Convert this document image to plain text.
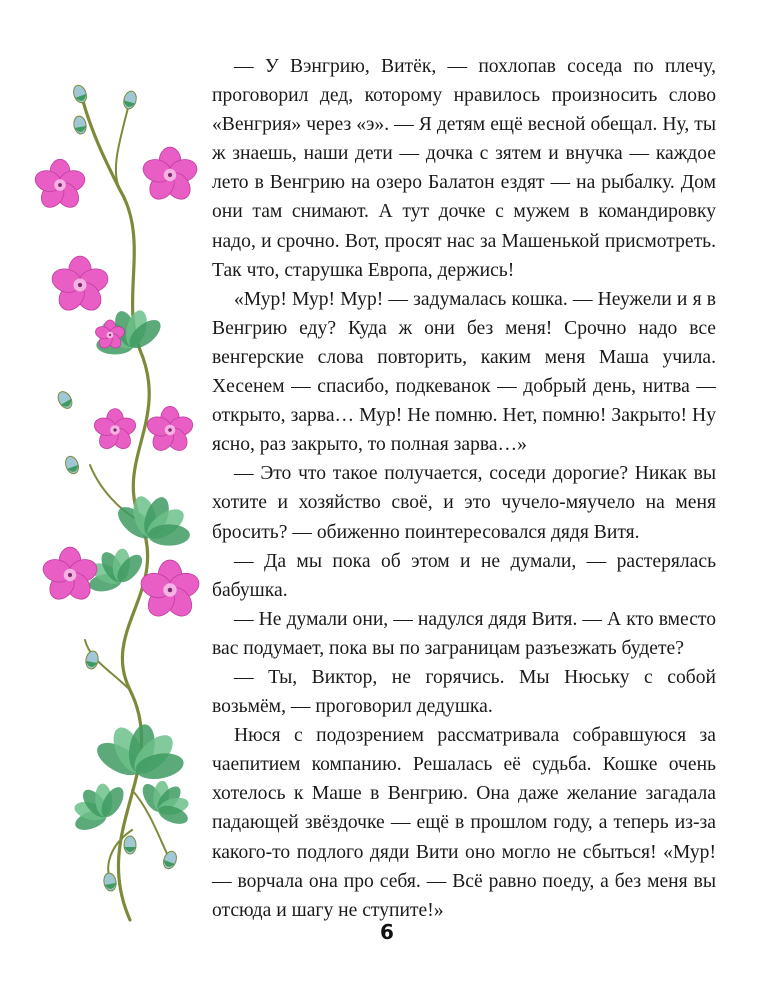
— У Вэнгрию, Витёк, — похлопав соседа по плечу, проговорил дед, которому нравилось произносить слово «Венгрия» через «э». — Я детям ещё весной обещал. Ну, ты ж знаешь, наши дети — дочка с зятем и внучка — каждое лето в Венгрию на озеро Балатон ездят — на рыбалку. Дом они там снимают. А тут дочке с мужем в командировку надо, и срочно. Вот, просят нас за Машенькой присмотреть. Так что, старушка Европа, держись!

«Мур! Мур! Мур! — задумалась кошка. — Неужели и я в Венгрию еду? Куда ж они без меня! Срочно надо все венгерские слова повторить, каким меня Маша учила. Хесенем — спасибо, подкеванок — добрый день, нитва — открыто, зарва… Мур! Не помню. Нет, помню! Закрыто! Ну ясно, раз закрыто, то полная зарва…»

— Это что такое получается, соседи дорогие? Никак вы хотите и хозяйство своё, и это чучело-мяучело на меня бросить? — обиженно поинтересовался дядя Витя.

— Да мы пока об этом и не думали, — растерялась бабушка.

— Не думали они, — надулся дядя Витя. — А кто вместо вас подумает, пока вы по заграницам разъезжать будете?

— Ты, Виктор, не горячись. Мы Нюську с собой возьмём, — проговорил дедушка.

Нюся с подозрением рассматривала собравшуюся за чаепитием компанию. Решалась её судьба. Кошке очень хотелось к Маше в Венгрию. Она даже желание загадала падающей звёздочке — ещё в прошлом году, а теперь из-за какого-то подлого дяди Вити оно могло не сбыться! «Мур! — ворчала она про себя. — Всё равно поеду, а без меня вы отсюда и шагу не ступите!»

6
